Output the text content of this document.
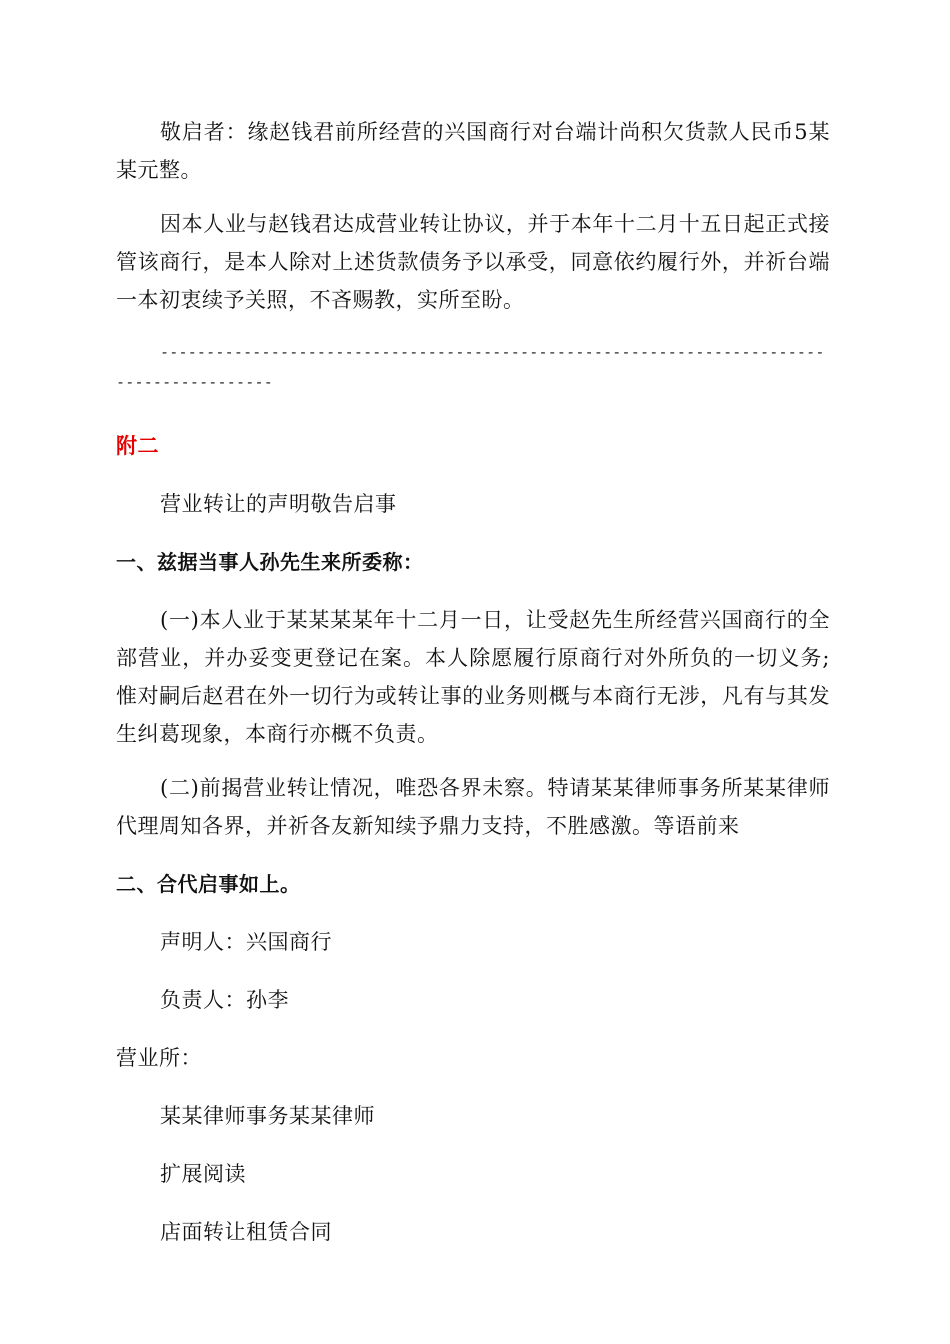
敬启者：缘赵钱君前所经营的兴国商行对台端计尚积欠货款人民币5某某元整。

因本人业与赵钱君达成营业转让协议，并于本年十二月十五日起正式接管该商行，是本人除对上述货款债务予以承受，同意依约履行外，并祈台端一本初衷续予关照，不吝赐教，实所至盼。

-----------------------------------------------------------------------------------------

附二

营业转让的声明敬告启事

一、兹据当事人孙先生来所委称：

(一)本人业于某某某某年十二月一日，让受赵先生所经营兴国商行的全部营业，并办妥变更登记在案。本人除愿履行原商行对外所负的一切义务;惟对嗣后赵君在外一切行为或转让事的业务则概与本商行无涉，凡有与其发生纠葛现象，本商行亦概不负责。

(二)前揭营业转让情况，唯恐各界未察。特请某某律师事务所某某律师代理周知各界，并祈各友新知续予鼎力支持，不胜感激。等语前来

二、合代启事如上。

声明人：兴国商行

负责人：孙李

营业所：

某某律师事务某某律师

扩展阅读

店面转让租赁合同
